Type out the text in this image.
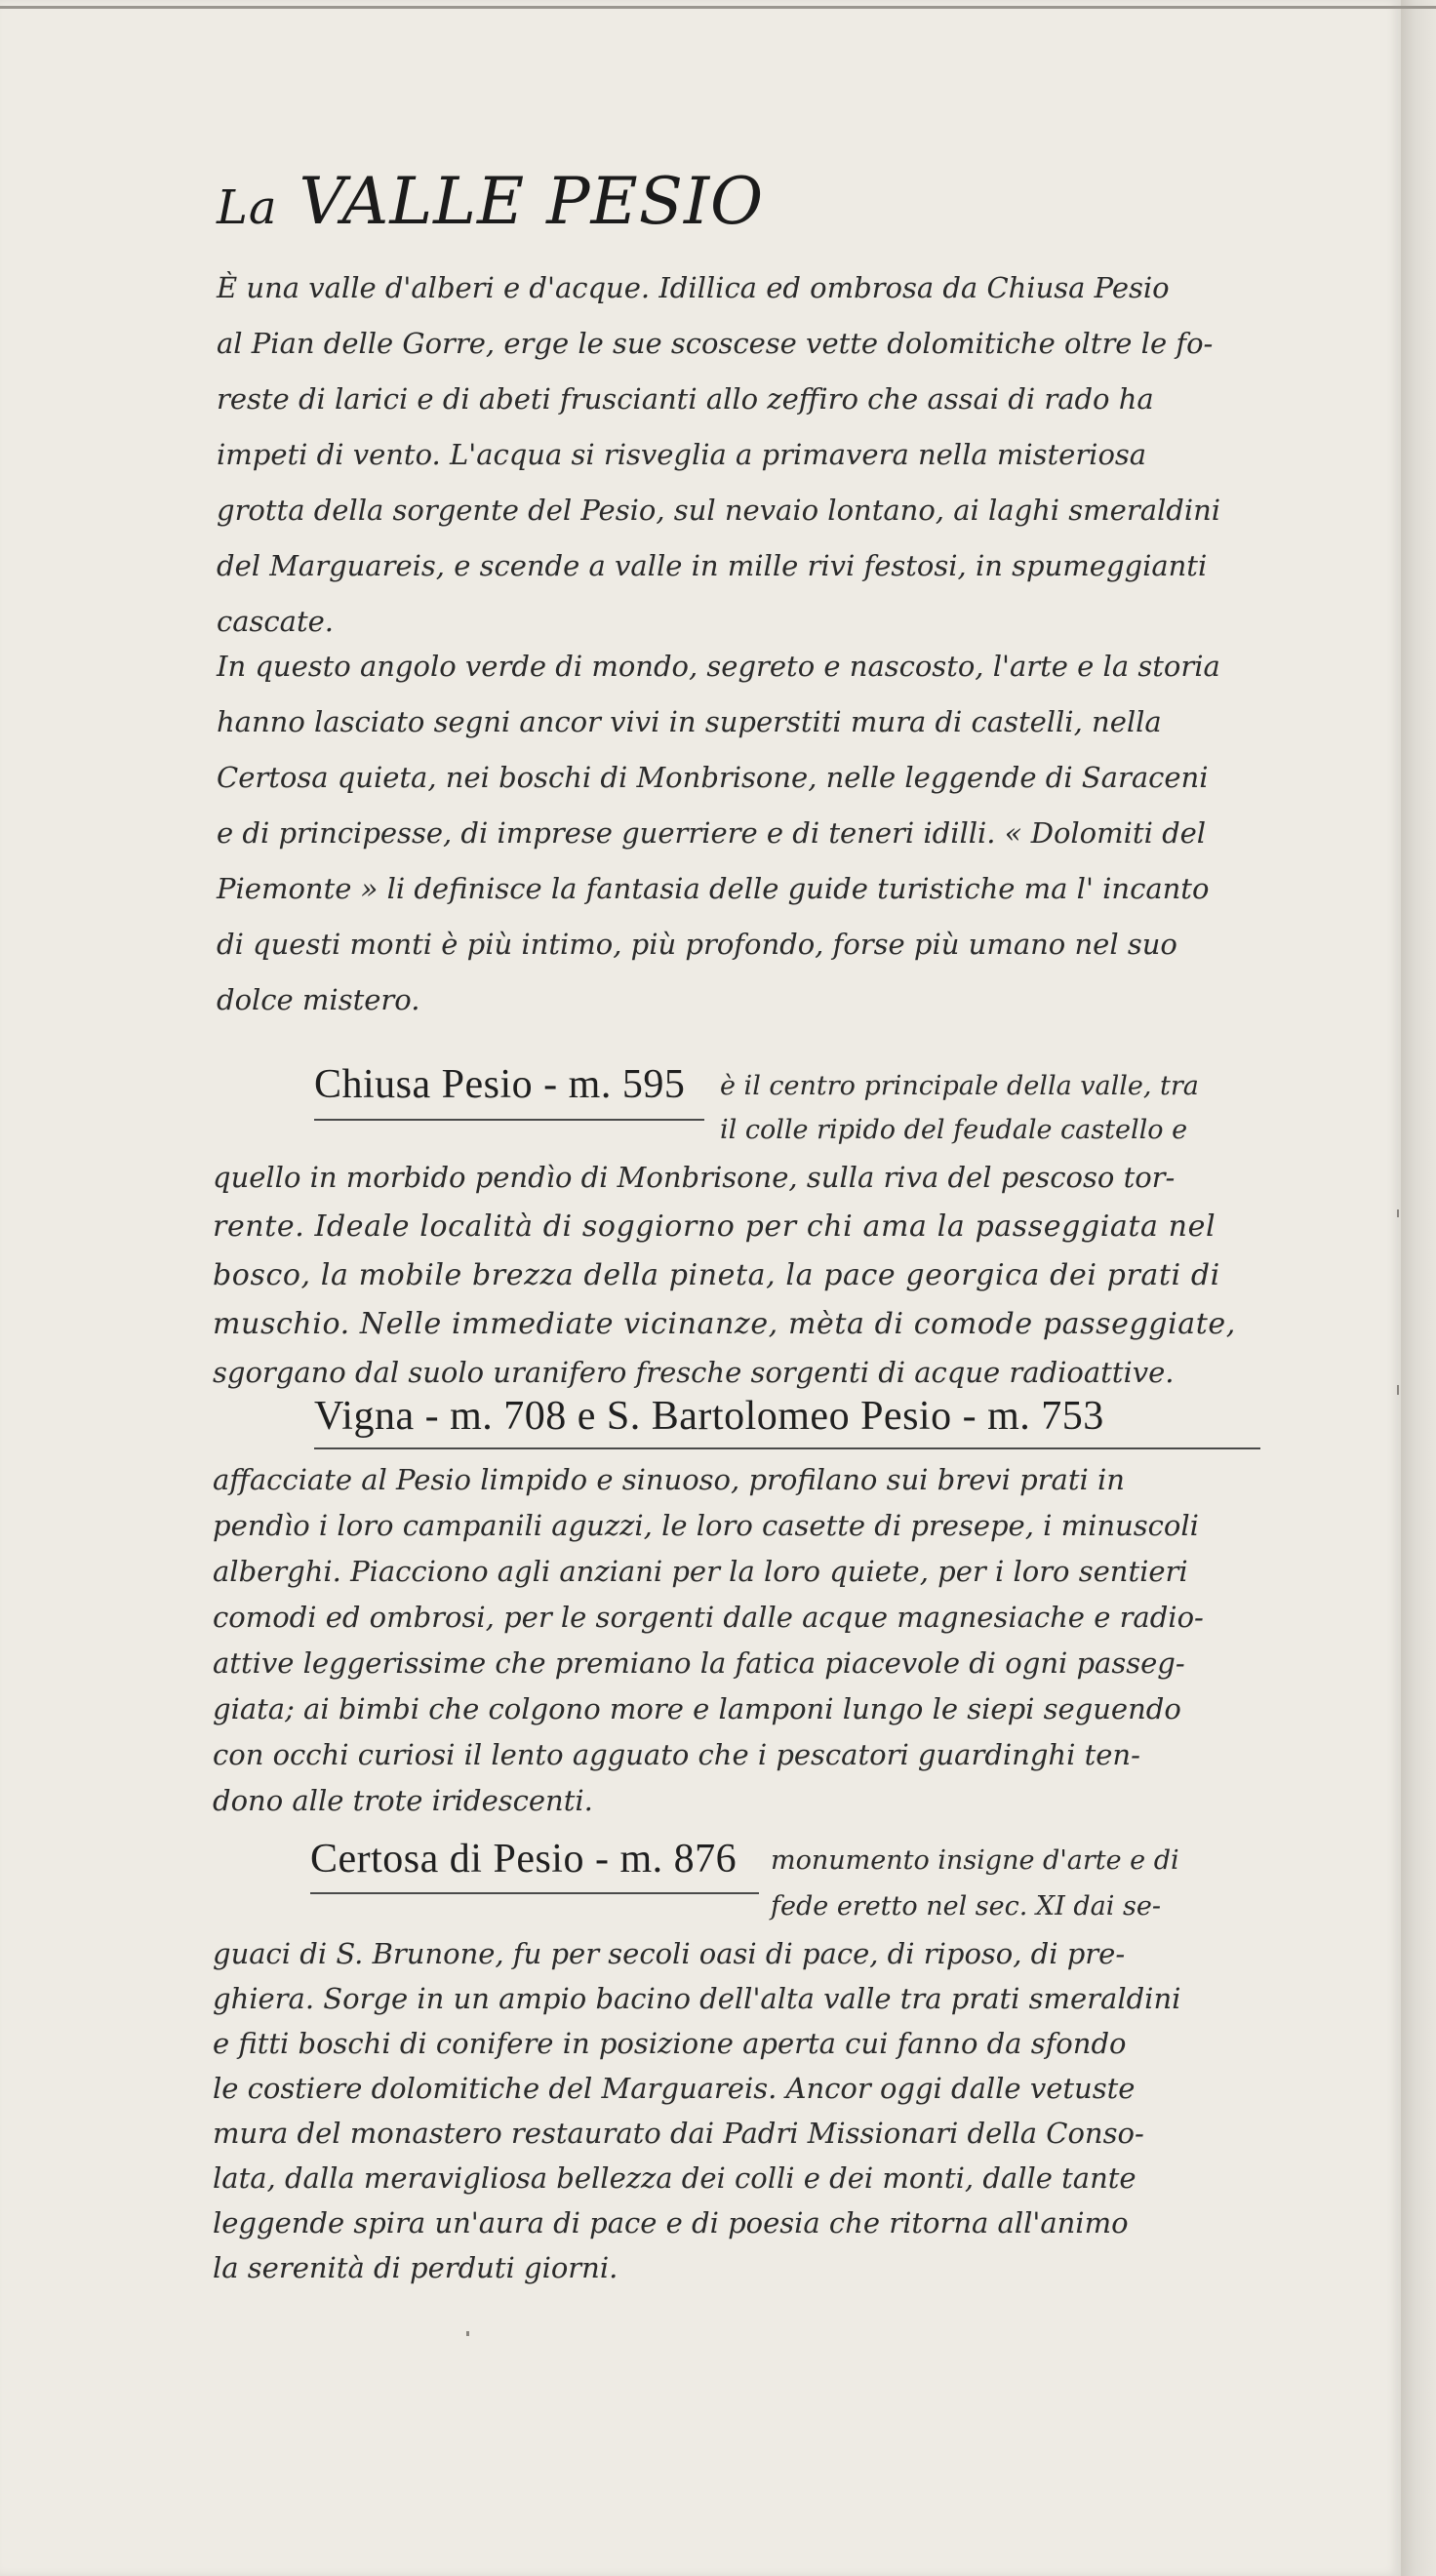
La VALLE PESIO
È una valle d'alberi e d'acque. Idillica ed ombrosa da Chiusa Pesio
al Pian delle Gorre, erge le sue scoscese vette dolomitiche oltre le fo-
reste di larici e di abeti fruscianti allo zeffiro che assai di rado ha
impeti di vento. L'acqua si risveglia a primavera nella misteriosa
grotta della sorgente del Pesio, sul nevaio lontano, ai laghi smeraldini
del Marguareis, e scende a valle in mille rivi festosi, in spumeggianti
cascate.
In questo angolo verde di mondo, segreto e nascosto, l'arte e la storia
hanno lasciato segni ancor vivi in superstiti mura di castelli, nella
Certosa quieta, nei boschi di Monbrisone, nelle leggende di Saraceni
e di principesse, di imprese guerriere e di teneri idilli. « Dolomiti del
Piemonte » li definisce la fantasia delle guide turistiche ma l' incanto
di questi monti è più intimo, più profondo, forse più umano nel suo
dolce mistero.
Chiusa Pesio - m. 595 è il centro principale della valle, tra
il colle ripido del feudale castello e
quello in morbido pendìo di Monbrisone, sulla riva del pescoso tor-
rente. Ideale località di soggiorno per chi ama la passeggiata nel
bosco, la mobile brezza della pineta, la pace georgica dei prati di
muschio. Nelle immediate vicinanze, mèta di comode passeggiate,
sgorgano dal suolo uranifero fresche sorgenti di acque radioattive.
Vigna - m. 708 e S. Bartolomeo Pesio - m. 753
affacciate al Pesio limpido e sinuoso, profilano sui brevi prati in
pendìo i loro campanili aguzzi, le loro casette di presepe, i minuscoli
alberghi. Piacciono agli anziani per la loro quiete, per i loro sentieri
comodi ed ombrosi, per le sorgenti dalle acque magnesiache e radio-
attive leggerissime che premiano la fatica piacevole di ogni passeg-
giata; ai bimbi che colgono more e lamponi lungo le siepi seguendo
con occhi curiosi il lento agguato che i pescatori guardinghi ten-
dono alle trote iridescenti.
Certosa di Pesio - m. 876 monumento insigne d'arte e di
fede eretto nel sec. XI dai se-
guaci di S. Brunone, fu per secoli oasi di pace, di riposo, di pre-
ghiera. Sorge in un ampio bacino dell'alta valle tra prati smeraldini
e fitti boschi di conifere in posizione aperta cui fanno da sfondo
le costiere dolomitiche del Marguareis. Ancor oggi dalle vetuste
mura del monastero restaurato dai Padri Missionari della Conso-
lata, dalla meravigliosa bellezza dei colli e dei monti, dalle tante
leggende spira un'aura di pace e di poesia che ritorna all'animo
la serenità di perduti giorni.
